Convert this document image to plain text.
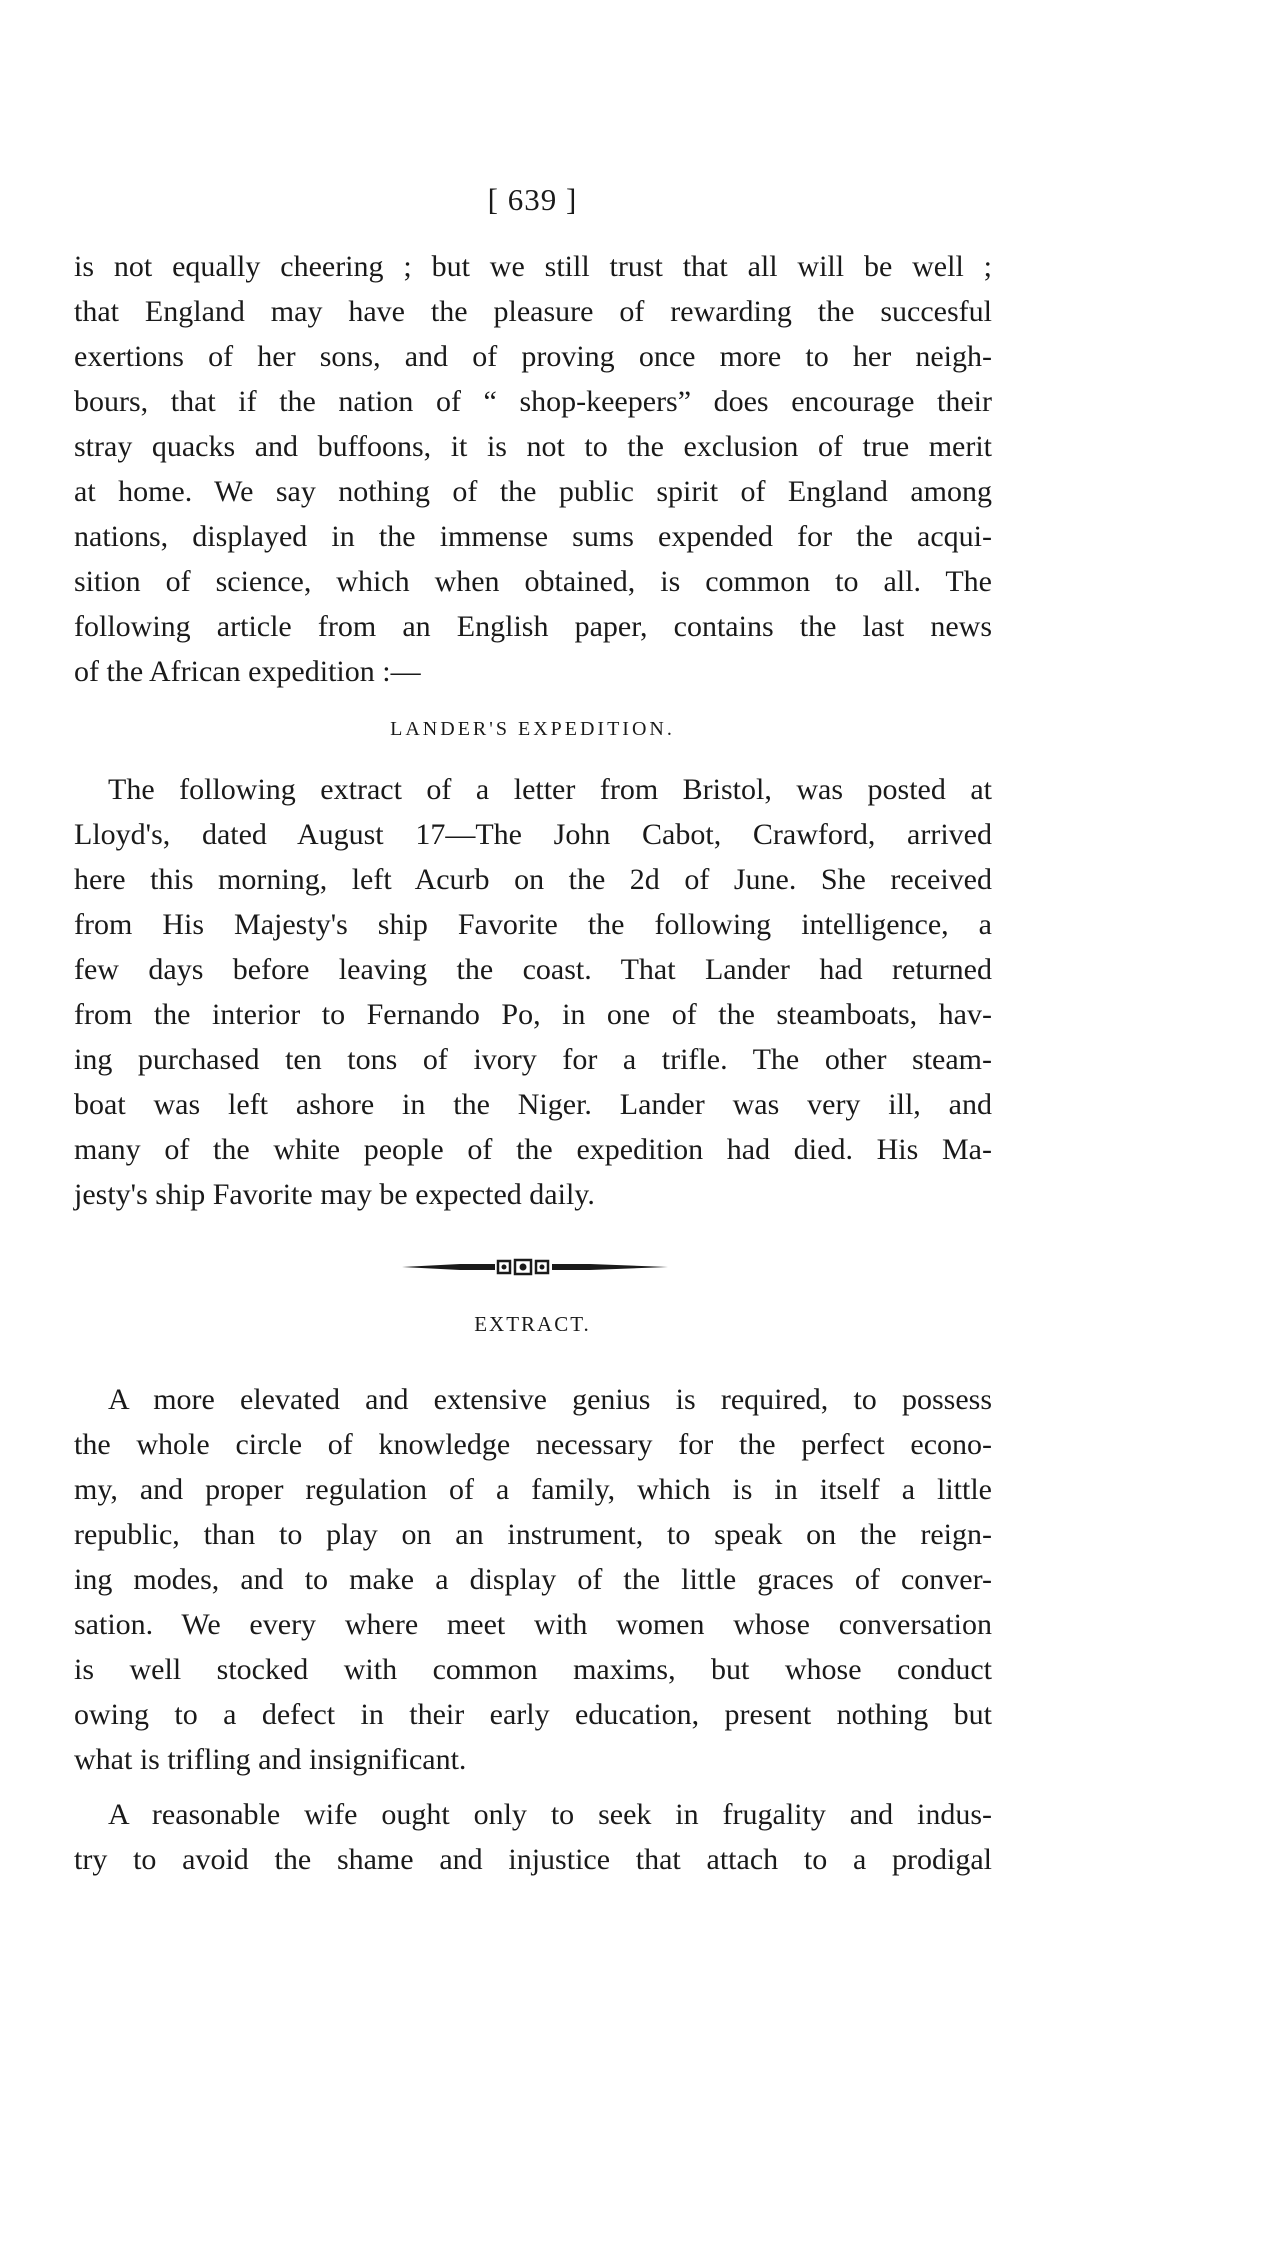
[ 639 ]
is not equally cheering ; but we still trust that all will be well ;
that England may have the pleasure of rewarding the succesful
exertions of her sons, and of proving once more to her neigh-
bours, that if the nation of “ shop-keepers” does encourage their
stray quacks and buffoons, it is not to the exclusion of true merit
at home. We say nothing of the public spirit of England among
nations, displayed in the immense sums expended for the acqui-
sition of science, which when obtained, is common to all. The
following article from an English paper, contains the last news
of the African expedition :—
LANDER'S EXPEDITION.
The following extract of a letter from Bristol, was posted at
Lloyd's, dated August 17—The John Cabot, Crawford, arrived
here this morning, left Acurb on the 2d of June. She received
from His Majesty's ship Favorite the following intelligence, a
few days before leaving the coast. That Lander had returned
from the interior to Fernando Po, in one of the steamboats, hav-
ing purchased ten tons of ivory for a trifle. The other steam-
boat was left ashore in the Niger. Lander was very ill, and
many of the white people of the expedition had died. His Ma-
jesty's ship Favorite may be expected daily.
EXTRACT.
A more elevated and extensive genius is required, to possess
the whole circle of knowledge necessary for the perfect econo-
my, and proper regulation of a family, which is in itself a little
republic, than to play on an instrument, to speak on the reign-
ing modes, and to make a display of the little graces of conver-
sation. We every where meet with women whose conversation
is well stocked with common maxims, but whose conduct
owing to a defect in their early education, present nothing but
what is trifling and insignificant.
A reasonable wife ought only to seek in frugality and indus-
try to avoid the shame and injustice that attach to a prodigal
